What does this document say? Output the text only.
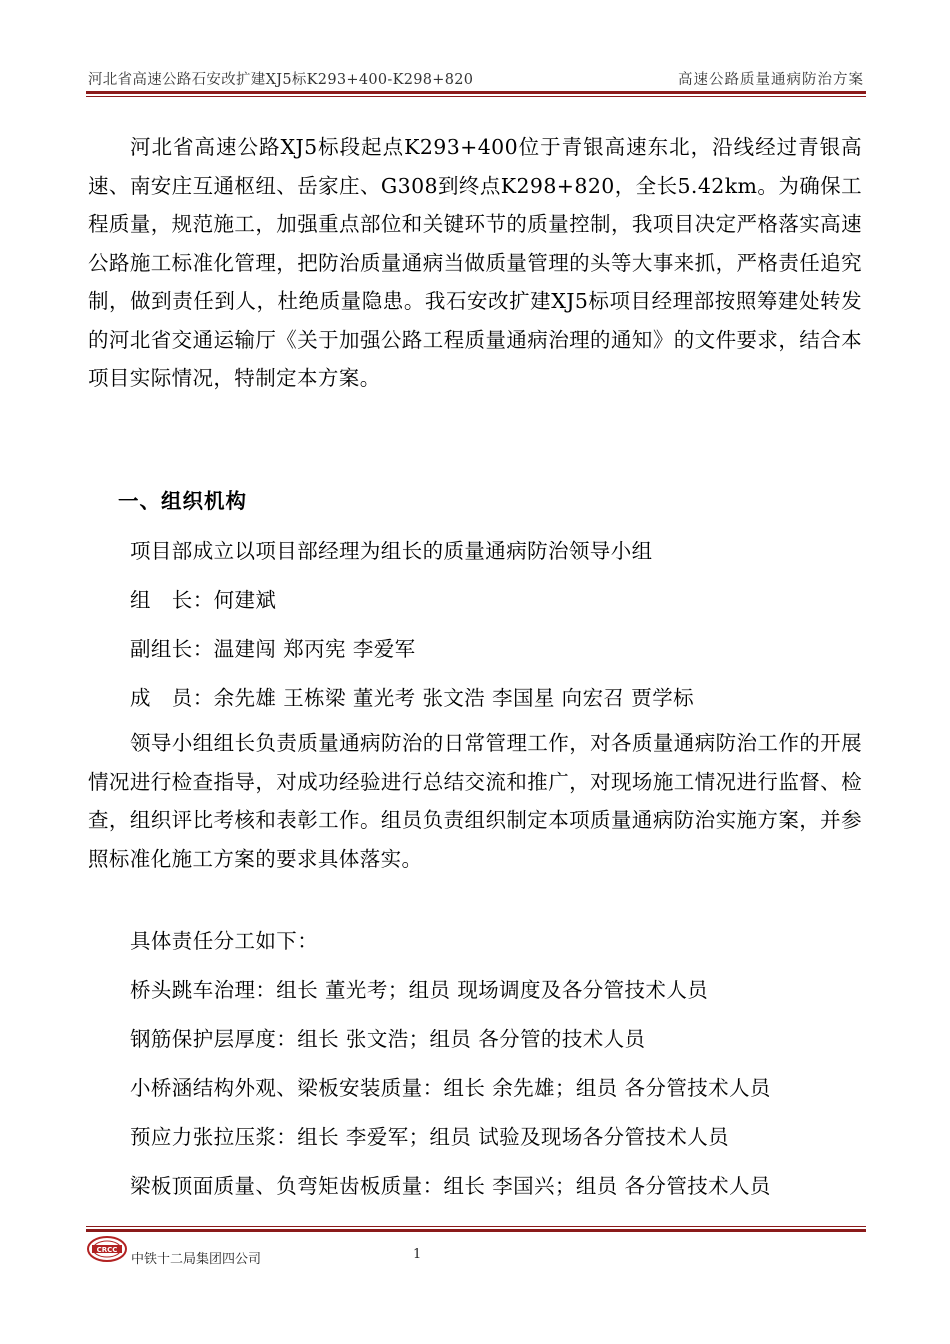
河北省高速公路石安改扩建XJ5标K293+400-K298+820	高速公路质量通病防治方案

河北省高速公路XJ5标段起点K293+400位于青银高速东北，沿线经过青银高速、南安庄互通枢纽、岳家庄、G308到终点K298+820，全长5.42km。为确保工程质量，规范施工，加强重点部位和关键环节的质量控制，我项目决定严格落实高速公路施工标准化管理，把防治质量通病当做质量管理的头等大事来抓，严格责任追究制，做到责任到人，杜绝质量隐患。我石安改扩建XJ5标项目经理部按照筹建处转发的河北省交通运输厅《关于加强公路工程质量通病治理的通知》的文件要求，结合本项目实际情况，特制定本方案。

一、组织机构
项目部成立以项目部经理为组长的质量通病防治领导小组
组　长：何建斌
副组长：温建闯 郑丙宪 李爱军
成　员：余先雄 王栋梁 董光考 张文浩 李国星 向宏召 贾学标

领导小组组长负责质量通病防治的日常管理工作，对各质量通病防治工作的开展情况进行检查指导，对成功经验进行总结交流和推广，对现场施工情况进行监督、检查，组织评比考核和表彰工作。组员负责组织制定本项质量通病防治实施方案，并参照标准化施工方案的要求具体落实。

具体责任分工如下：
桥头跳车治理：组长 董光考；组员 现场调度及各分管技术人员
钢筋保护层厚度：组长 张文浩；组员 各分管的技术人员
小桥涵结构外观、梁板安装质量：组长 余先雄；组员 各分管技术人员
预应力张拉压浆：组长 李爱军；组员 试验及现场各分管技术人员
梁板顶面质量、负弯矩齿板质量：组长 李国兴；组员 各分管技术人员
CRCC
中铁十二局集团四公司	1
